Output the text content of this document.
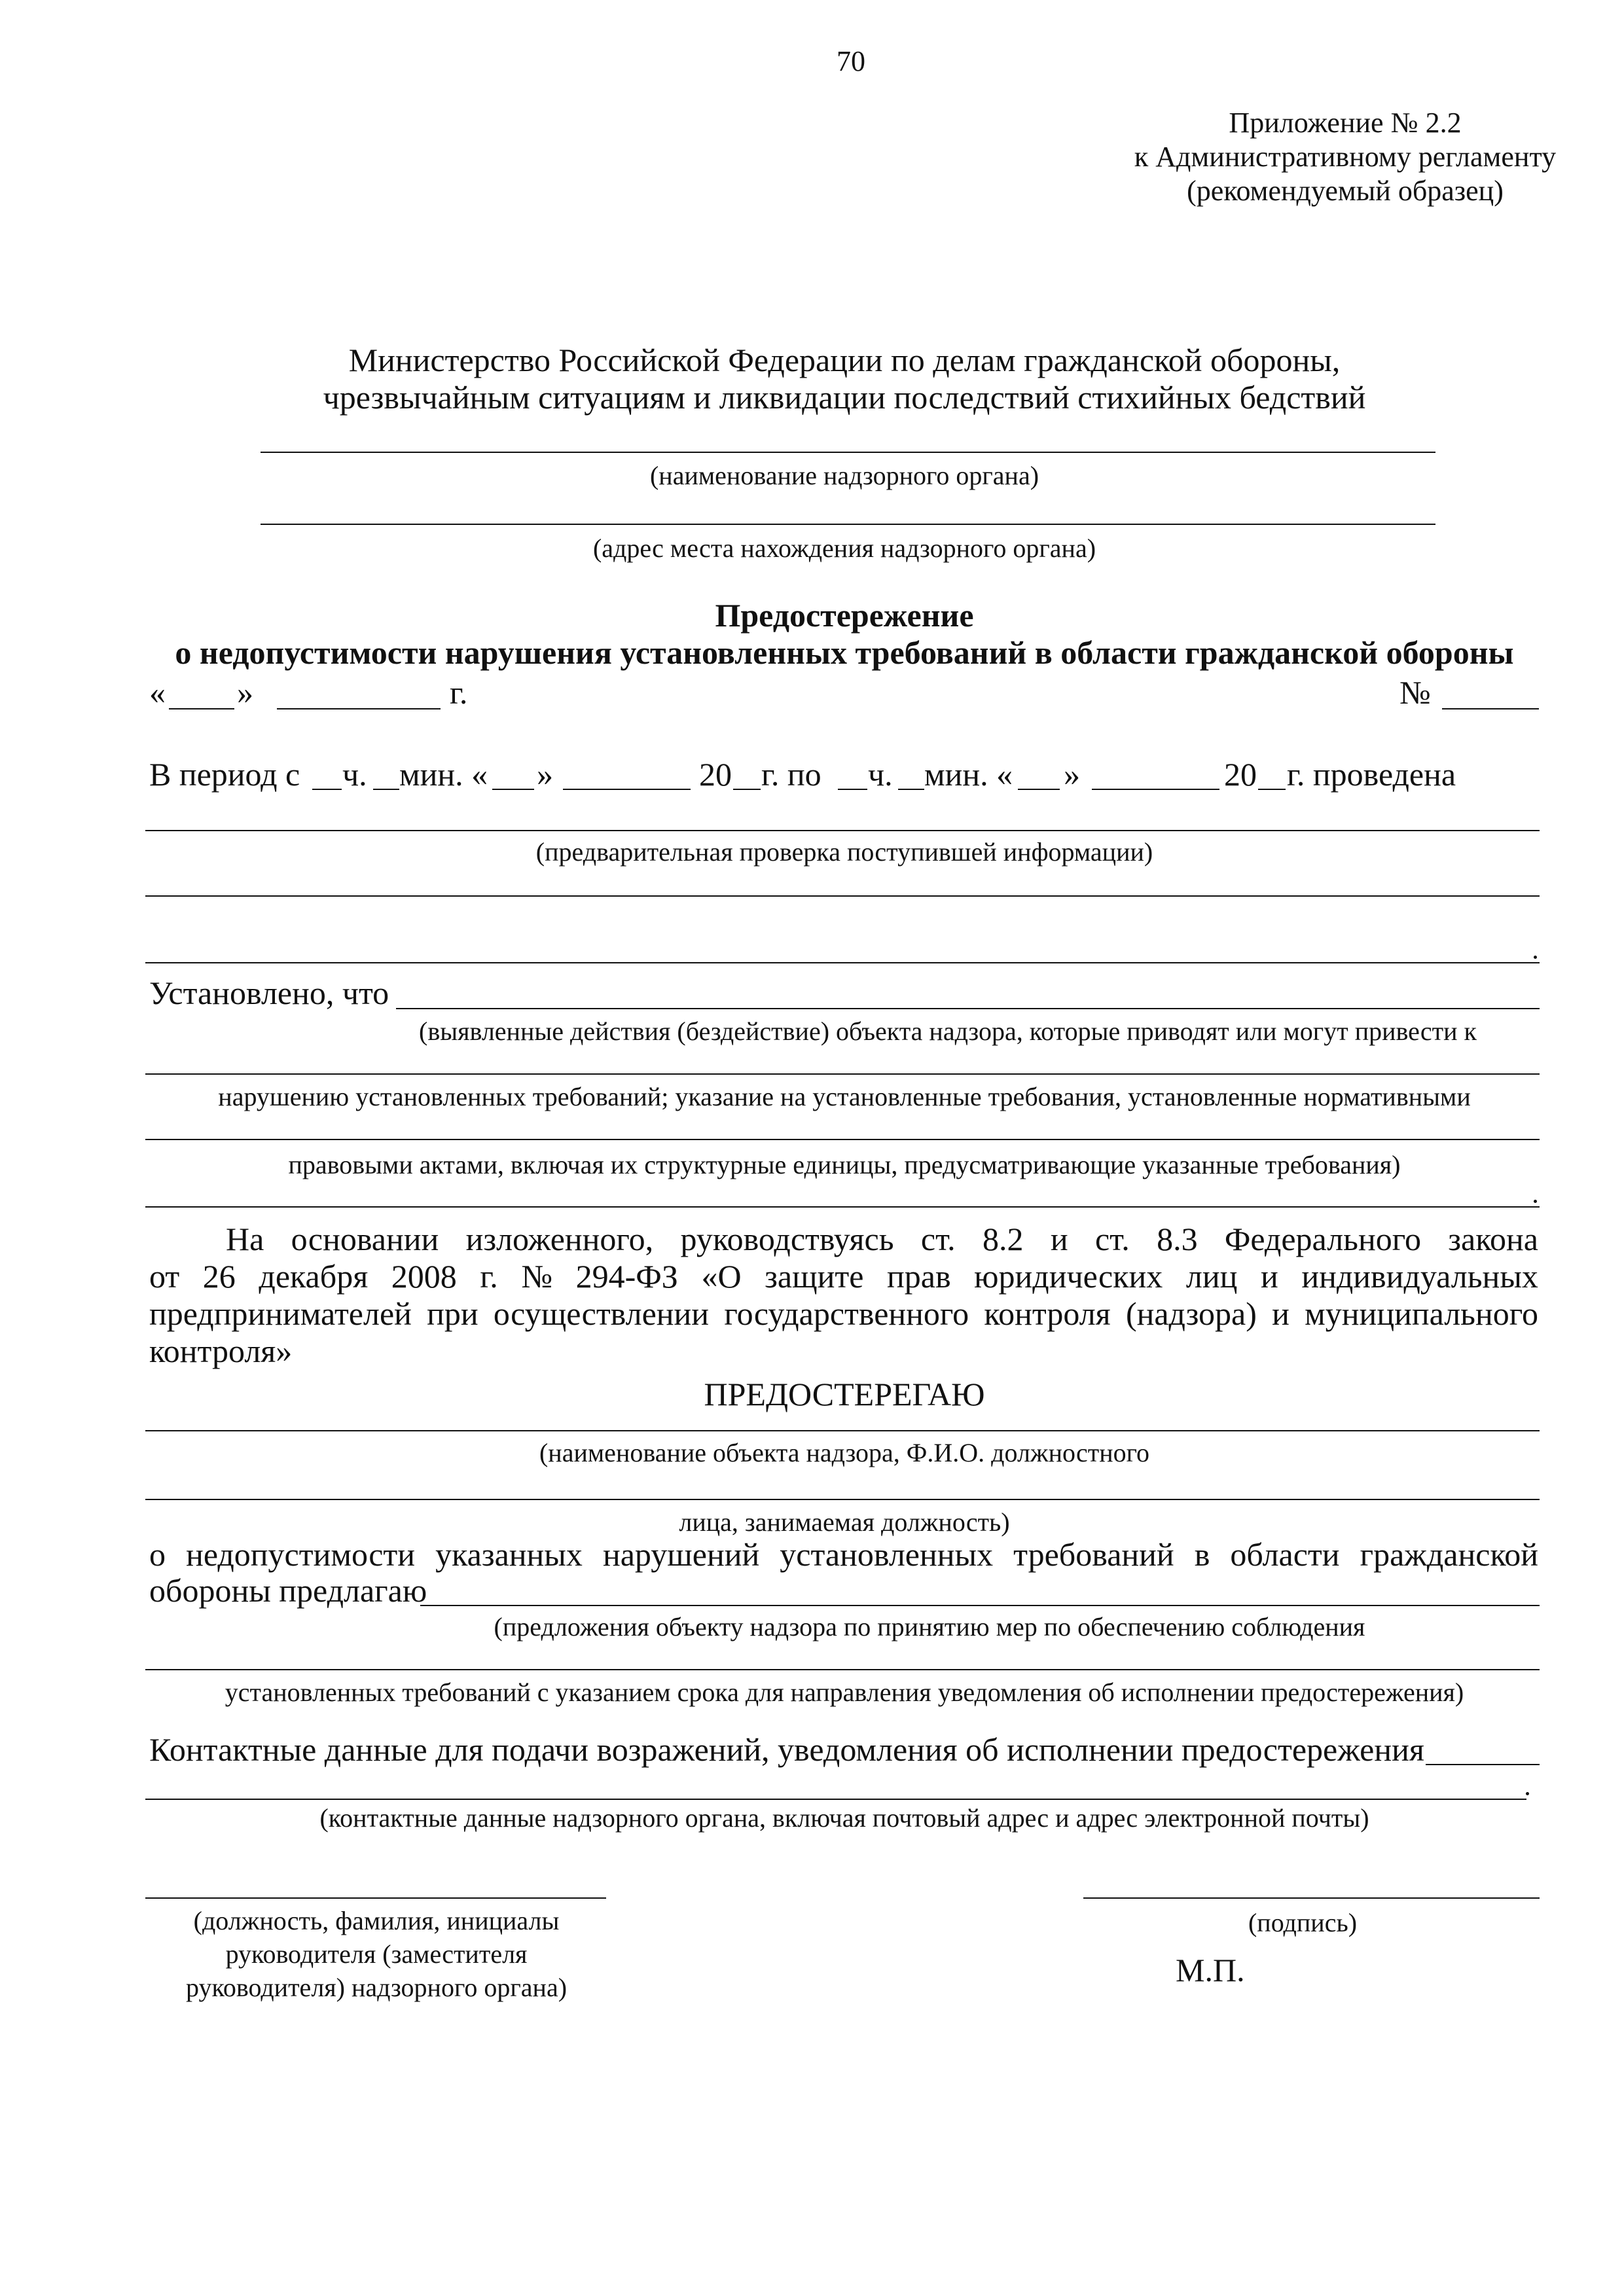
70
Приложение № 2.2
к Административному регламенту
(рекомендуемый образец)
Министерство Российской Федерации по делам гражданской обороны,
чрезвычайным ситуациям и ликвидации последствий стихийных бедствий
(наименование надзорного органа)
(адрес места нахождения надзорного органа)
Предостережение
о недопустимости нарушения установленных требований в области гражданской обороны
« »	г.	№
В период с ч. мин. « »	20 г. по ч. мин. « »	20 г. проведена
(предварительная проверка поступившей информации)
Установлено, что
(выявленные действия (бездействие) объекта надзора, которые приводят или могут привести к
нарушению установленных требований; указание на установленные требования, установленные нормативными
правовыми актами, включая их структурные единицы, предусматривающие указанные требования)
На основании изложенного, руководствуясь ст. 8.2 и ст. 8.3 Федерального закона
от 26 декабря 2008 г. № 294-ФЗ «О защите прав юридических лиц и индивидуальных
предпринимателей при осуществлении государственного контроля (надзора) и муниципального
контроля»
ПРЕДОСТЕРЕГАЮ
(наименование объекта надзора, Ф.И.О. должностного
лица, занимаемая должность)
о недопустимости указанных нарушений установленных требований в области гражданской
обороны предлагаю
(предложения объекту надзора по принятию мер по обеспечению соблюдения
установленных требований с указанием срока для направления уведомления об исполнении предостережения)
Контактные данные для подачи возражений, уведомления об исполнении предостережения
(контактные данные надзорного органа, включая почтовый адрес и адрес электронной почты)
(должность, фамилия, инициалы
руководителя (заместителя
руководителя) надзорного органа)
(подпись)
М.П.
